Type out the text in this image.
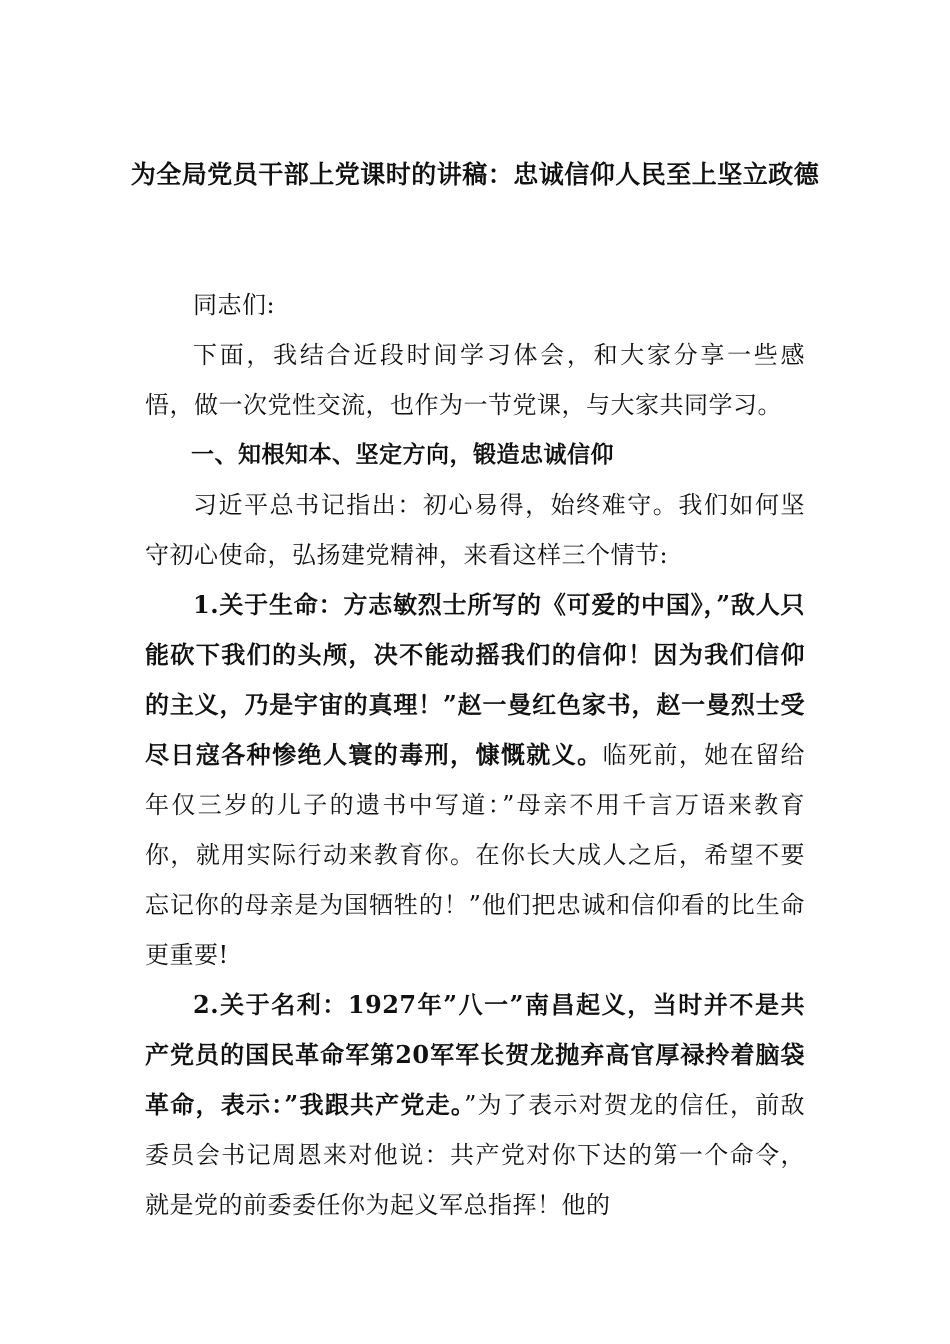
为全局党员干部上党课时的讲稿：忠诚信仰人民至上坚立政德

同志们:

下面，我结合近段时间学习体会，和大家分享一些感悟，做一次党性交流，也作为一节党课，与大家共同学习。

一、知根知本、坚定方向，锻造忠诚信仰

习近平总书记指出：初心易得，始终难守。我们如何坚守初心使命，弘扬建党精神，来看这样三个情节:

1.关于生命：方志敏烈士所写的《可爱的中国》，”敌人只能砍下我们的头颅，决不能动摇我们的信仰！因为我们信仰的主义，乃是宇宙的真理！”赵一曼红色家书，赵一曼烈士受尽日寇各种惨绝人寰的毒刑，慷慨就义。临死前，她在留给年仅三岁的儿子的遗书中写道：”母亲不用千言万语来教育你，就用实际行动来教育你。在你长大成人之后，希望不要忘记你的母亲是为国牺牲的！”他们把忠诚和信仰看的比生命更重要!

2.关于名利：1927年”八一”南昌起义，当时并不是共产党员的国民革命军第20军军长贺龙抛弃高官厚禄拎着脑袋革命，表示：”我跟共产党走。”为了表示对贺龙的信任，前敌委员会书记周恩来对他说：共产党对你下达的第一个命令，就是党的前委委任你为起义军总指挥！他的
